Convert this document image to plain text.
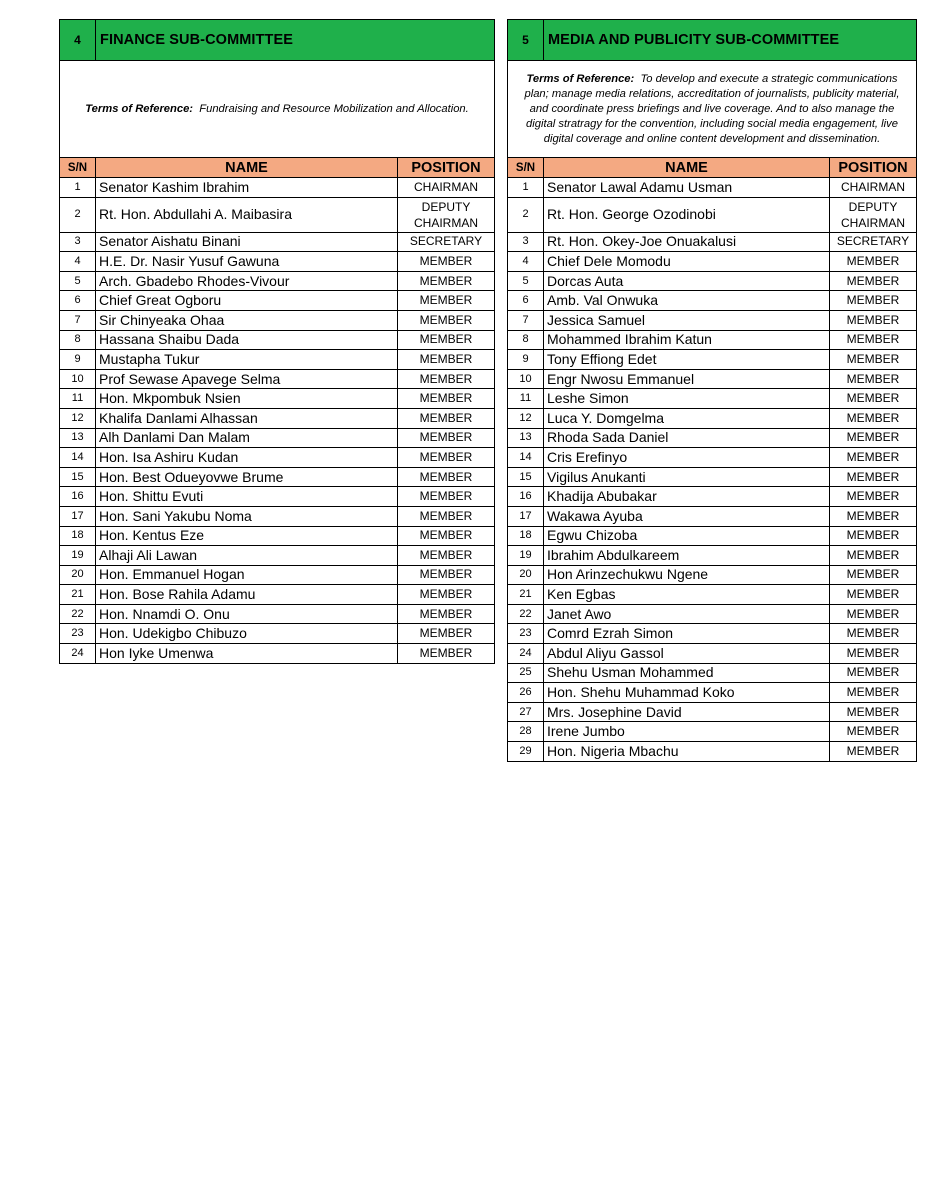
4	FINANCE SUB-COMMITTEE	
Terms of Reference: Fundraising and Resource Mobilization and Allocation.		
S/N	NAME	POSITION
1	Senator Kashim Ibrahim	CHAIRMAN
2	Rt. Hon. Abdullahi A. Maibasira	DEPUTY CHAIRMAN
3	Senator Aishatu Binani	SECRETARY
4	H.E. Dr. Nasir Yusuf Gawuna	MEMBER
5	Arch. Gbadebo Rhodes-Vivour	MEMBER
6	Chief Great Ogboru	MEMBER
7	Sir Chinyeaka Ohaa	MEMBER
8	Hassana Shaibu Dada	MEMBER
9	Mustapha Tukur	MEMBER
10	Prof Sewase Apavege Selma	MEMBER
11	Hon. Mkpombuk Nsien	MEMBER
12	Khalifa Danlami Alhassan	MEMBER
13	Alh Danlami Dan Malam	MEMBER
14	Hon. Isa Ashiru Kudan	MEMBER
15	Hon. Best Odueyovwe Brume	MEMBER
16	Hon. Shittu Evuti	MEMBER
17	Hon. Sani Yakubu Noma	MEMBER
18	Hon. Kentus Eze	MEMBER
19	Alhaji Ali Lawan	MEMBER
20	Hon. Emmanuel Hogan	MEMBER
21	Hon. Bose Rahila Adamu	MEMBER
22	Hon. Nnamdi O. Onu	MEMBER
23	Hon. Udekigbo Chibuzo	MEMBER
24	Hon Iyke Umenwa	MEMBER
5	MEDIA AND PUBLICITY SUB-COMMITTEE	
Terms of Reference: To develop and execute a strategic communications plan; manage media relations, accreditation of journalists, publicity material, and coordinate press briefings and live coverage. And to also manage the digital stratragy for the convention, including social media engagement, live digital coverage and online content development and dissemination.		
S/N	NAME	POSITION
1	Senator Lawal Adamu Usman	CHAIRMAN
2	Rt. Hon. George Ozodinobi	DEPUTY CHAIRMAN
3	Rt. Hon. Okey-Joe Onuakalusi	SECRETARY
4	Chief Dele Momodu	MEMBER
5	Dorcas Auta	MEMBER
6	Amb. Val Onwuka	MEMBER
7	Jessica Samuel	MEMBER
8	Mohammed Ibrahim Katun	MEMBER
9	Tony Effiong Edet	MEMBER
10	Engr Nwosu Emmanuel	MEMBER
11	Leshe Simon	MEMBER
12	Luca Y. Domgelma	MEMBER
13	Rhoda Sada Daniel	MEMBER
14	Cris Erefinyo	MEMBER
15	Vigilus Anukanti	MEMBER
16	Khadija Abubakar	MEMBER
17	Wakawa Ayuba	MEMBER
18	Egwu Chizoba	MEMBER
19	Ibrahim Abdulkareem	MEMBER
20	Hon Arinzechukwu Ngene	MEMBER
21	Ken Egbas	MEMBER
22	Janet Awo	MEMBER
23	Comrd Ezrah Simon	MEMBER
24	Abdul Aliyu Gassol	MEMBER
25	Shehu Usman Mohammed	MEMBER
26	Hon. Shehu Muhammad Koko	MEMBER
27	Mrs. Josephine David	MEMBER
28	Irene Jumbo	MEMBER
29	Hon. Nigeria Mbachu	MEMBER
